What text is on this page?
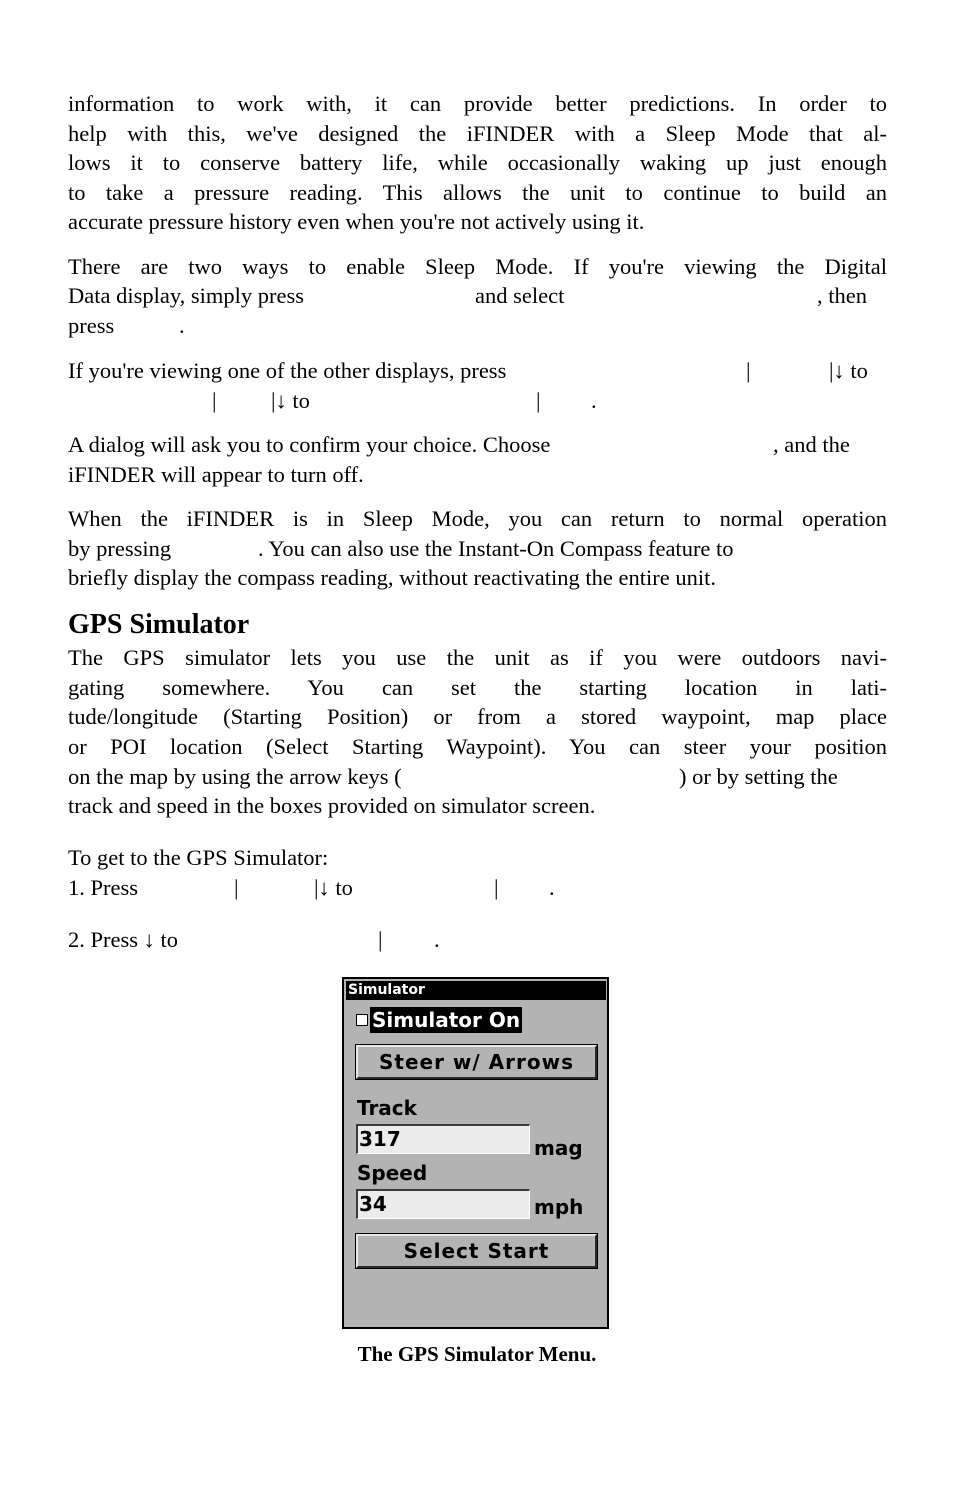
information to work with, it can provide better predictions. In order to
help with this, we've designed the iFINDER with a Sleep Mode that al-
lows it to conserve battery life, while occasionally waking up just enough
to take a pressure reading. This allows the unit to continue to build an
accurate pressure history even when you're not actively using it.
There are two ways to enable Sleep Mode. If you're viewing the Digital
Data display, simply press	and select	, then
press	.
If you're viewing one of the other displays, press	|	|↓ to
| |↓ to	| .
A dialog will ask you to confirm your choice. Choose	, and the
iFINDER will appear to turn off.
When the iFINDER is in Sleep Mode, you can return to normal operation
by pressing	. You can also use the Instant-On Compass feature to
briefly display the compass reading, without reactivating the entire unit.
GPS Simulator
The GPS simulator lets you use the unit as if you were outdoors navi-
gating somewhere. You can set the starting location in lati-
tude/longitude (Starting Position) or from a stored waypoint, map place
or POI location (Select Starting Waypoint). You can steer your position
on the map by using the arrow keys (	) or by setting the
track and speed in the boxes provided on simulator screen.
To get to the GPS Simulator:
1. Press	|	|↓ to	| .
2. Press ↓ to	| .
Simulator
Simulator On
Steer w/ Arrows
Track
317	mag
Speed
34	mph
Select Start
The GPS Simulator Menu.
